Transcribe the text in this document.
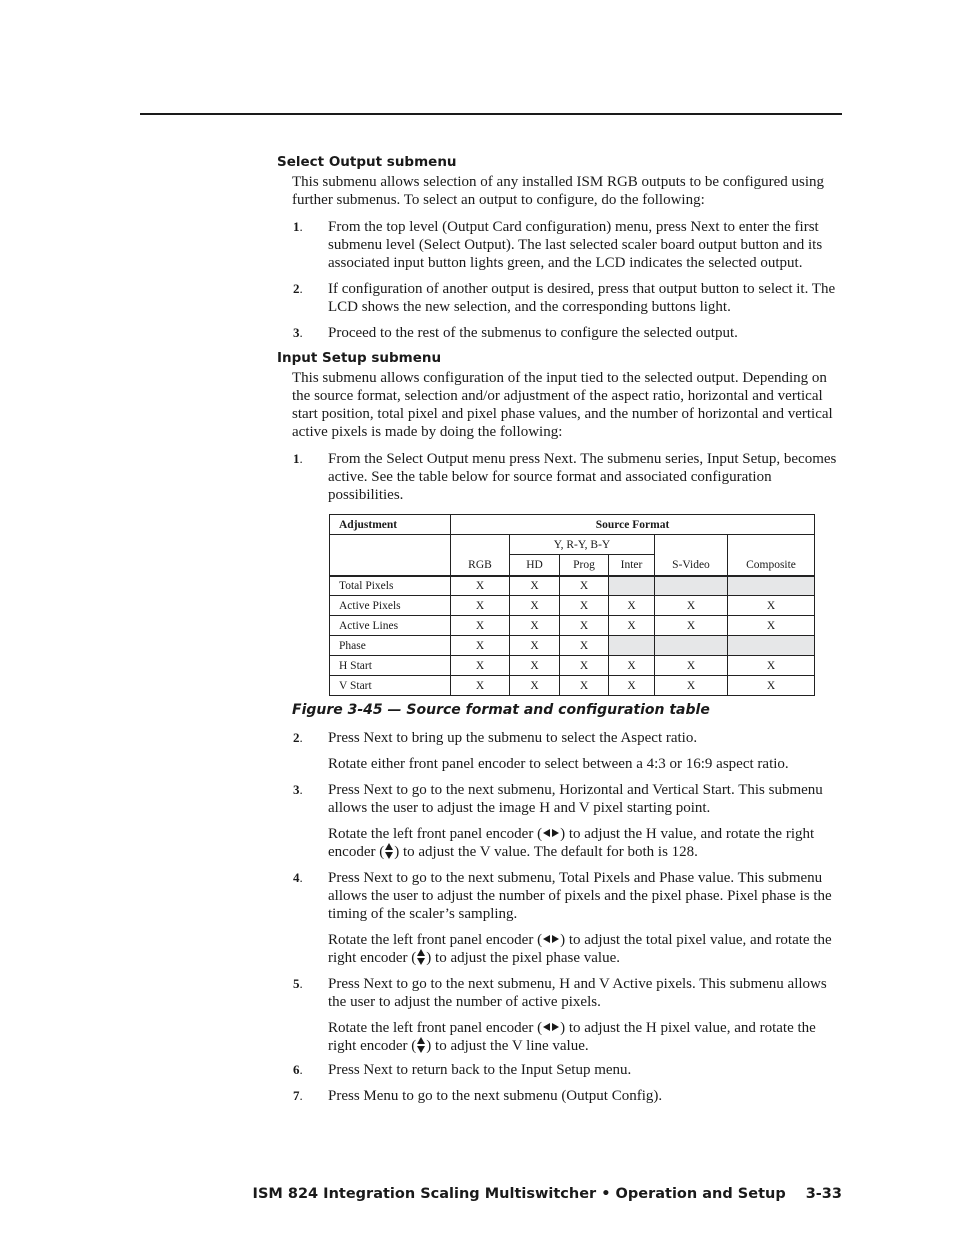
Select Output submenu

This submenu allows selection of any installed ISM RGB outputs to be configured using further submenus. To select an output to configure, do the following:

1 . From the top level (Output Card configuration) menu, press Next to enter the first submenu level (Select Output). The last selected scaler board output button and its associated input button lights green, and the LCD indicates the selected output.
2 . If configuration of another output is desired, press that output button to select it. The LCD shows the new selection, and the corresponding buttons light.
3 . Proceed to the rest of the submenus to configure the selected output.
Input Setup submenu

This submenu allows configuration of the input tied to the selected output. Depending on the source format, selection and/or adjustment of the aspect ratio, horizontal and vertical start position, total pixel and pixel phase values, and the number of horizontal and vertical active pixels is made by doing the following:

1 . From the Select Output menu press Next. The submenu series, Input Setup, becomes active. See the table below for source format and associated configuration possibilities.
Adjustment	Source Format					
	RGB	Y, R-Y, B-Y			S-Video	Composite
		HD	Prog	Inter		
Total Pixels	X	X	X			
Active Pixels	X	X	X	X	X	X
Active Lines	X	X	X	X	X	X
Phase	X	X	X			
H Start	X	X	X	X	X	X
V Start	X	X	X	X	X	X

Figure 3-45 — Source format and configuration table

2 . Press Next to bring up the submenu to select the Aspect ratio.
Rotate either front panel encoder to select between a 4:3 or 16:9 aspect ratio.
3 . Press Next to go to the next submenu, Horizontal and Vertical Start. This submenu allows the user to adjust the image H and V pixel starting point.
Rotate the left front panel encoder ( ) to adjust the H value, and rotate the right encoder ( ) to adjust the V value. The default for both is 128.
4 . Press Next to go to the next submenu, Total Pixels and Phase value. This submenu allows the user to adjust the number of pixels and the pixel phase. Pixel phase is the timing of the scaler’s sampling.
Rotate the left front panel encoder ( ) to adjust the total pixel value, and rotate the right encoder ( ) to adjust the pixel phase value.
5 . Press Next to go to the next submenu, H and V Active pixels. This submenu allows the user to adjust the number of active pixels.
Rotate the left front panel encoder ( ) to adjust the H pixel value, and rotate the right encoder ( ) to adjust the V line value.
6 . Press Next to return back to the Input Setup menu.
7 . Press Menu to go to the next submenu (Output Config).
ISM 824 Integration Scaling Multiswitcher • Operation and Setup 3-33
